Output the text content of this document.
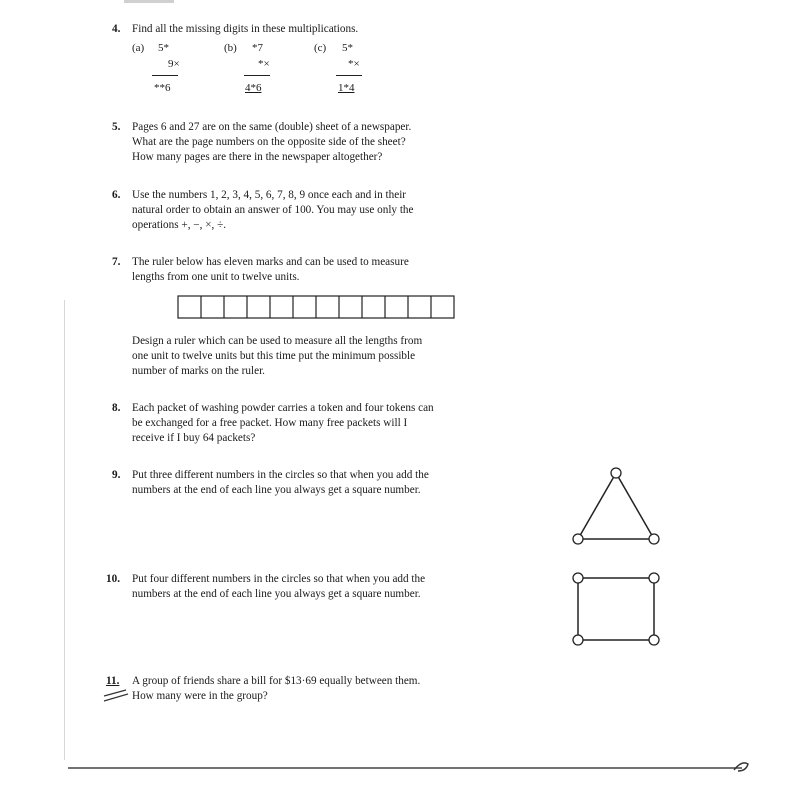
4. Find all the missing digits in these multiplications.
(a) 5*
9×
**6
(b) *7
*×
4*6
(c) 5*
*×
1*4
5. Pages 6 and 27 are on the same (double) sheet of a newspaper.
What are the page numbers on the opposite side of the sheet?
How many pages are there in the newspaper altogether?
6. Use the numbers 1, 2, 3, 4, 5, 6, 7, 8, 9 once each and in their
natural order to obtain an answer of 100. You may use only the
operations +, −, ×, ÷.
7. The ruler below has eleven marks and can be used to measure
lengths from one unit to twelve units.
Design a ruler which can be used to measure all the lengths from
one unit to twelve units but this time put the minimum possible
number of marks on the ruler.
8. Each packet of washing powder carries a token and four tokens can
be exchanged for a free packet. How many free packets will I
receive if I buy 64 packets?
9. Put three different numbers in the circles so that when you add the
numbers at the end of each line you always get a square number.
10. Put four different numbers in the circles so that when you add the
numbers at the end of each line you always get a square number.
11. A group of friends share a bill for $13·69 equally between them.
How many were in the group?
